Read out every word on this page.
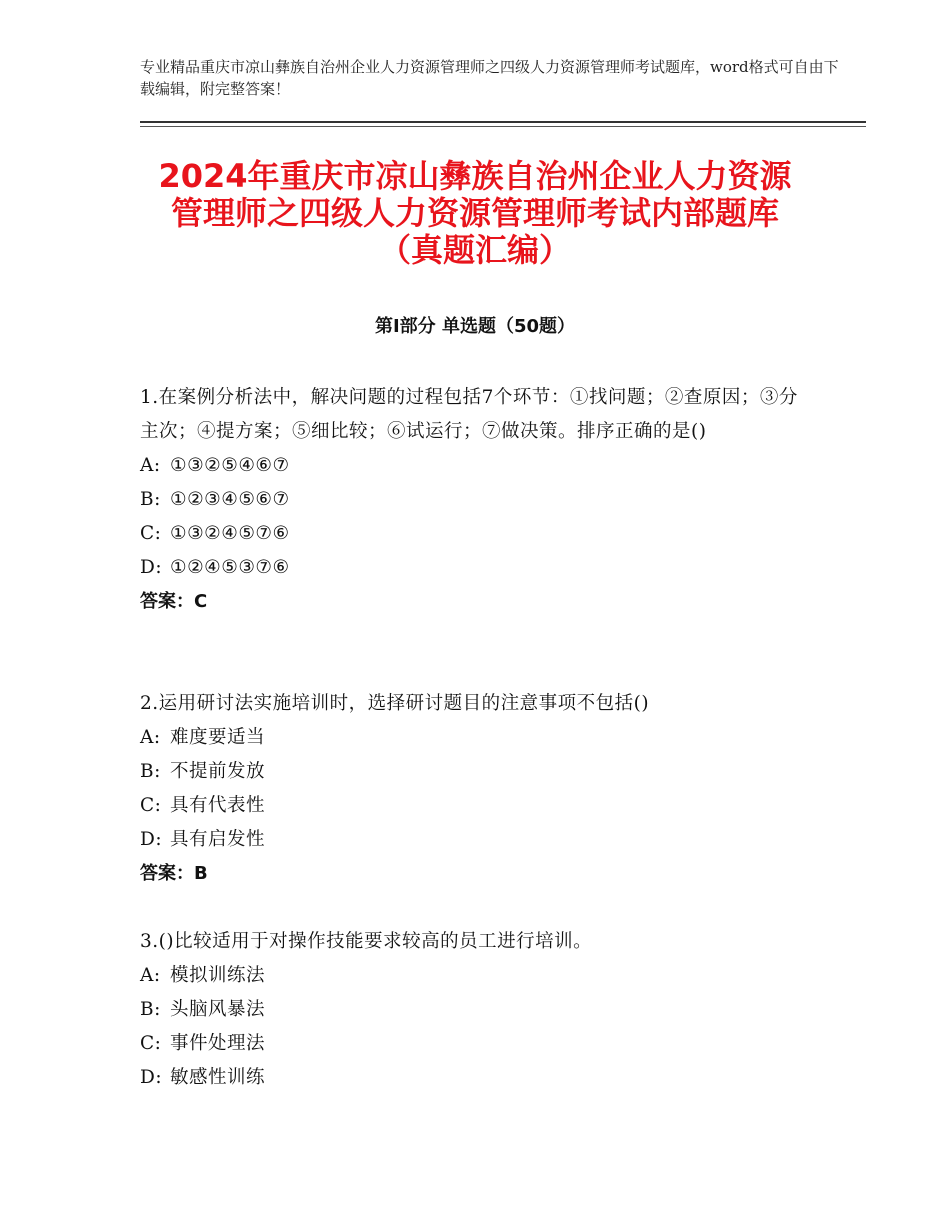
专业精品重庆市凉山彝族自治州企业人力资源管理师之四级人力资源管理师考试题库，word格式可自由下载编辑，附完整答案！
2024年重庆市凉山彝族自治州企业人力资源
管理师之四级人力资源管理师考试内部题库
（真题汇编）
第Ⅰ部分 单选题（50题）

1.在案例分析法中，解决问题的过程包括7个环节：①找问题；②查原因；③分主次；④提方案；⑤细比较；⑥试运行；⑦做决策。排序正确的是()

A: ①③②⑤④⑥⑦
B: ①②③④⑤⑥⑦
C: ①③②④⑤⑦⑥
D: ①②④⑤③⑦⑥
答案：C

2.运用研讨法实施培训时，选择研讨题目的注意事项不包括()

A: 难度要适当
B: 不提前发放
C: 具有代表性
D: 具有启发性
答案：B

3.()比较适用于对操作技能要求较高的员工进行培训。

A: 模拟训练法
B: 头脑风暴法
C: 事件处理法
D: 敏感性训练
